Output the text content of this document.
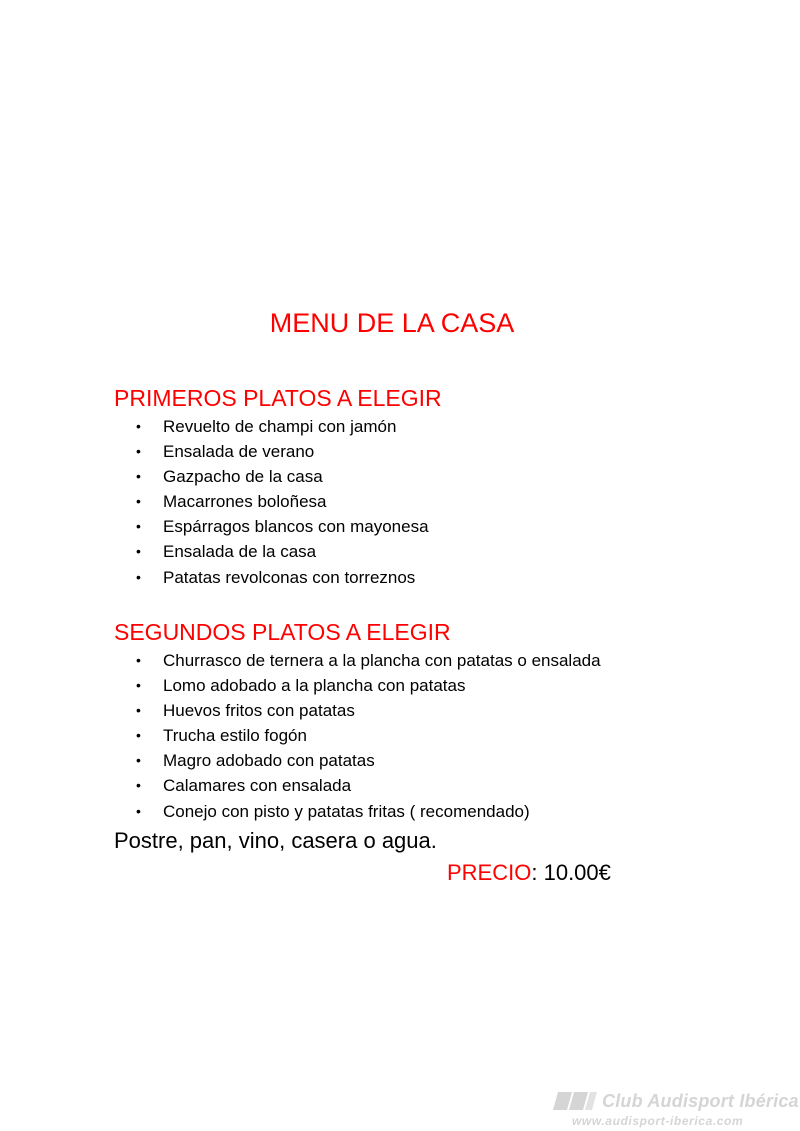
MENU DE LA CASA
PRIMEROS PLATOS A ELEGIR
• Revuelto de champi con jamón
• Ensalada de verano
• Gazpacho de la casa
• Macarrones boloñesa
• Espárragos blancos con mayonesa
• Ensalada de la casa
• Patatas revolconas con torreznos
SEGUNDOS PLATOS A ELEGIR
• Churrasco de ternera a la plancha con patatas o ensalada
• Lomo adobado a la plancha con patatas
• Huevos fritos con patatas
• Trucha estilo fogón
• Magro adobado con patatas
• Calamares con ensalada
• Conejo con pisto y patatas fritas ( recomendado)
Postre, pan, vino, casera o agua.
PRECIO: 10.00€
Club Audisport Ibérica
www.audisport-iberica.com
